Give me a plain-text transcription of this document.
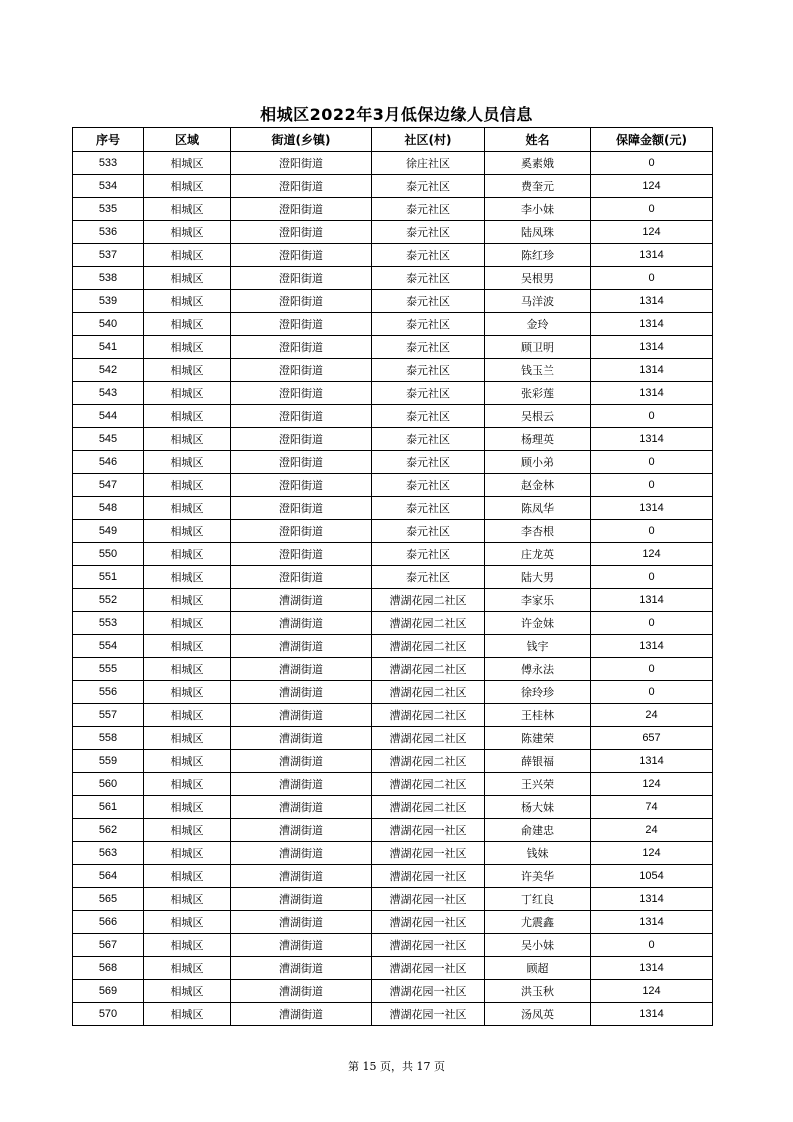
相城区2022年3月低保边缘人员信息
序号	区域	街道(乡镇)	社区(村)	姓名	保障金额(元)
533	相城区	澄阳街道	徐庄社区	奚素娥	0
534	相城区	澄阳街道	泰元社区	费奎元	124
535	相城区	澄阳街道	泰元社区	李小妹	0
536	相城区	澄阳街道	泰元社区	陆凤珠	124
537	相城区	澄阳街道	泰元社区	陈红珍	1314
538	相城区	澄阳街道	泰元社区	吴根男	0
539	相城区	澄阳街道	泰元社区	马洋波	1314
540	相城区	澄阳街道	泰元社区	金玲	1314
541	相城区	澄阳街道	泰元社区	顾卫明	1314
542	相城区	澄阳街道	泰元社区	钱玉兰	1314
543	相城区	澄阳街道	泰元社区	张彩莲	1314
544	相城区	澄阳街道	泰元社区	吴根云	0
545	相城区	澄阳街道	泰元社区	杨理英	1314
546	相城区	澄阳街道	泰元社区	顾小弟	0
547	相城区	澄阳街道	泰元社区	赵金林	0
548	相城区	澄阳街道	泰元社区	陈凤华	1314
549	相城区	澄阳街道	泰元社区	李杏根	0
550	相城区	澄阳街道	泰元社区	庄龙英	124
551	相城区	澄阳街道	泰元社区	陆大男	0
552	相城区	漕湖街道	漕湖花园二社区	李家乐	1314
553	相城区	漕湖街道	漕湖花园二社区	许金妹	0
554	相城区	漕湖街道	漕湖花园二社区	钱宇	1314
555	相城区	漕湖街道	漕湖花园二社区	傅永法	0
556	相城区	漕湖街道	漕湖花园二社区	徐玲珍	0
557	相城区	漕湖街道	漕湖花园二社区	王桂林	24
558	相城区	漕湖街道	漕湖花园二社区	陈建荣	657
559	相城区	漕湖街道	漕湖花园二社区	薛银福	1314
560	相城区	漕湖街道	漕湖花园二社区	王兴荣	124
561	相城区	漕湖街道	漕湖花园二社区	杨大妹	74
562	相城区	漕湖街道	漕湖花园一社区	俞建忠	24
563	相城区	漕湖街道	漕湖花园一社区	钱妹	124
564	相城区	漕湖街道	漕湖花园一社区	许美华	1054
565	相城区	漕湖街道	漕湖花园一社区	丁红良	1314
566	相城区	漕湖街道	漕湖花园一社区	尤震鑫	1314
567	相城区	漕湖街道	漕湖花园一社区	吴小妹	0
568	相城区	漕湖街道	漕湖花园一社区	顾超	1314
569	相城区	漕湖街道	漕湖花园一社区	洪玉秋	124
570	相城区	漕湖街道	漕湖花园一社区	汤凤英	1314
第 15 页，共 17 页
